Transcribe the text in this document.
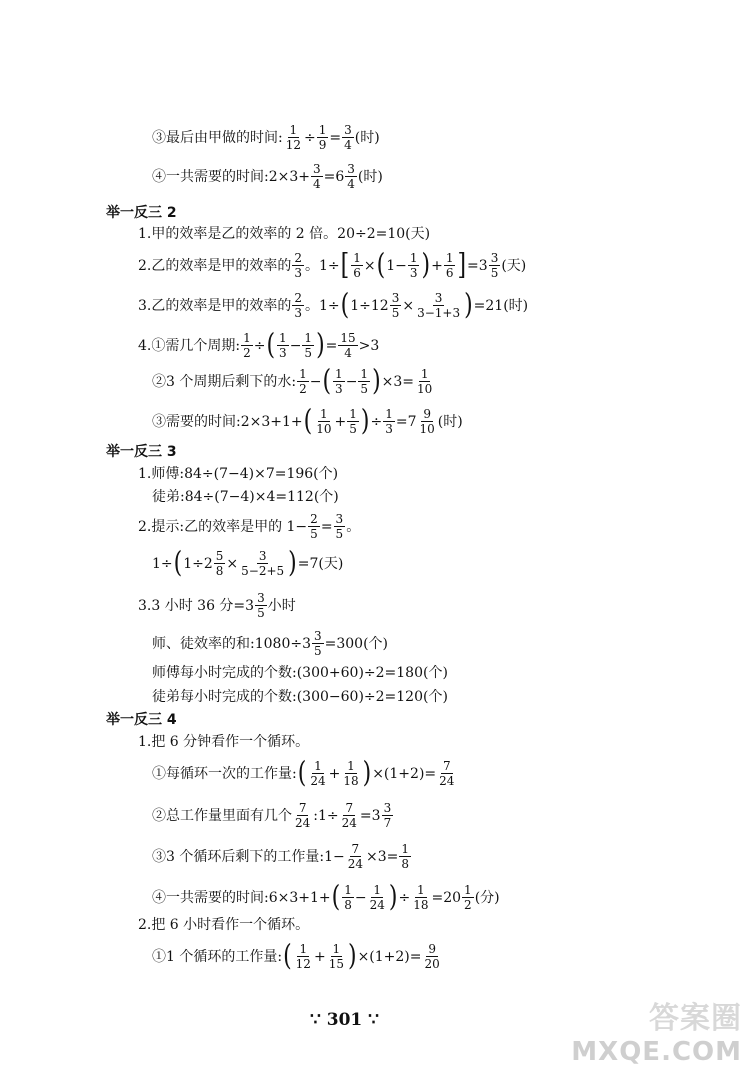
③最后由甲做的时间: $\frac{1}{12} \div \frac{1}{9} = \frac{3}{4}$ (时)
④一共需要的时间:2×3+ $\frac{3}{4} =6 \frac{3}{4}$ (时)
举一反三 2
1.甲的效率是乙的效率的 2 倍。20÷2=10(天)
2.乙的效率是甲的效率的 $\frac{2}{3}$ 。1÷ [ $\frac{1}{6}$ × ( $1- \frac{1}{3}$ ) + $\frac{1}{6}$ ] $=3 \frac{3}{5}$ (天)
3.乙的效率是甲的效率的 $\frac{2}{3}$ 。1÷ ( $1\div 12 \frac{3}{5} \times \frac{3}{3-1+3}$ ) =21(时)
4.①需几个周期: $\frac{1}{2}$ ÷ ( $\frac{1}{3} - \frac{1}{5}$ ) = $\frac{15}{4} >3$
②3 个周期后剩下的水: $\frac{1}{2}$ − ( $\frac{1}{3} - \frac{1}{5}$ ) $\times 3= \frac{1}{10}$
③需要的时间:2×3+1+ ( $\frac{1}{10} + \frac{1}{5}$ ) ÷ $\frac{1}{3} =7 \frac{9}{10}$ (时)
举一反三 3
1.师傅:84÷(7−4)×7=196(个)
徒弟:84÷(7−4)×4=112(个)
2.提示:乙的效率是甲的 $1- \frac{2}{5} = \frac{3}{5}$ 。
1÷ ( $1\div 2 \frac{5}{8} \times \frac{3}{5-2+5}$ ) =7(天)
3.3 小时 36 分$=3 \frac{3}{5}$ 小时
师、徒效率的和:1080÷3 $\frac{3}{5} =300$(个)
师傅每小时完成的个数:(300+60)÷2=180(个)
徒弟每小时完成的个数:(300−60)÷2=120(个)
举一反三 4
1.把 6 分钟看作一个循环。
①每循环一次的工作量: ( $\frac{1}{24} + \frac{1}{18}$ ) $\times(1+2)= \frac{7}{24}$
②总工作量里面有几个 $\frac{7}{24}$ :1÷ $\frac{7}{24} =3 \frac{3}{7}$
③3 个循环后剩下的工作量:1− $\frac{7}{24} \times 3= \frac{1}{8}$
④一共需要的时间:6×3+1+ ( $\frac{1}{8} - \frac{1}{24}$ ) ÷ $\frac{1}{18} =20 \frac{1}{2}$ (分)
2.把 6 小时看作一个循环。
①1 个循环的工作量: ( $\frac{1}{12} + \frac{1}{15}$ ) $\times(1+2)= \frac{9}{20}$
∵ 301 ∵	答案圈
MXQE.COM
